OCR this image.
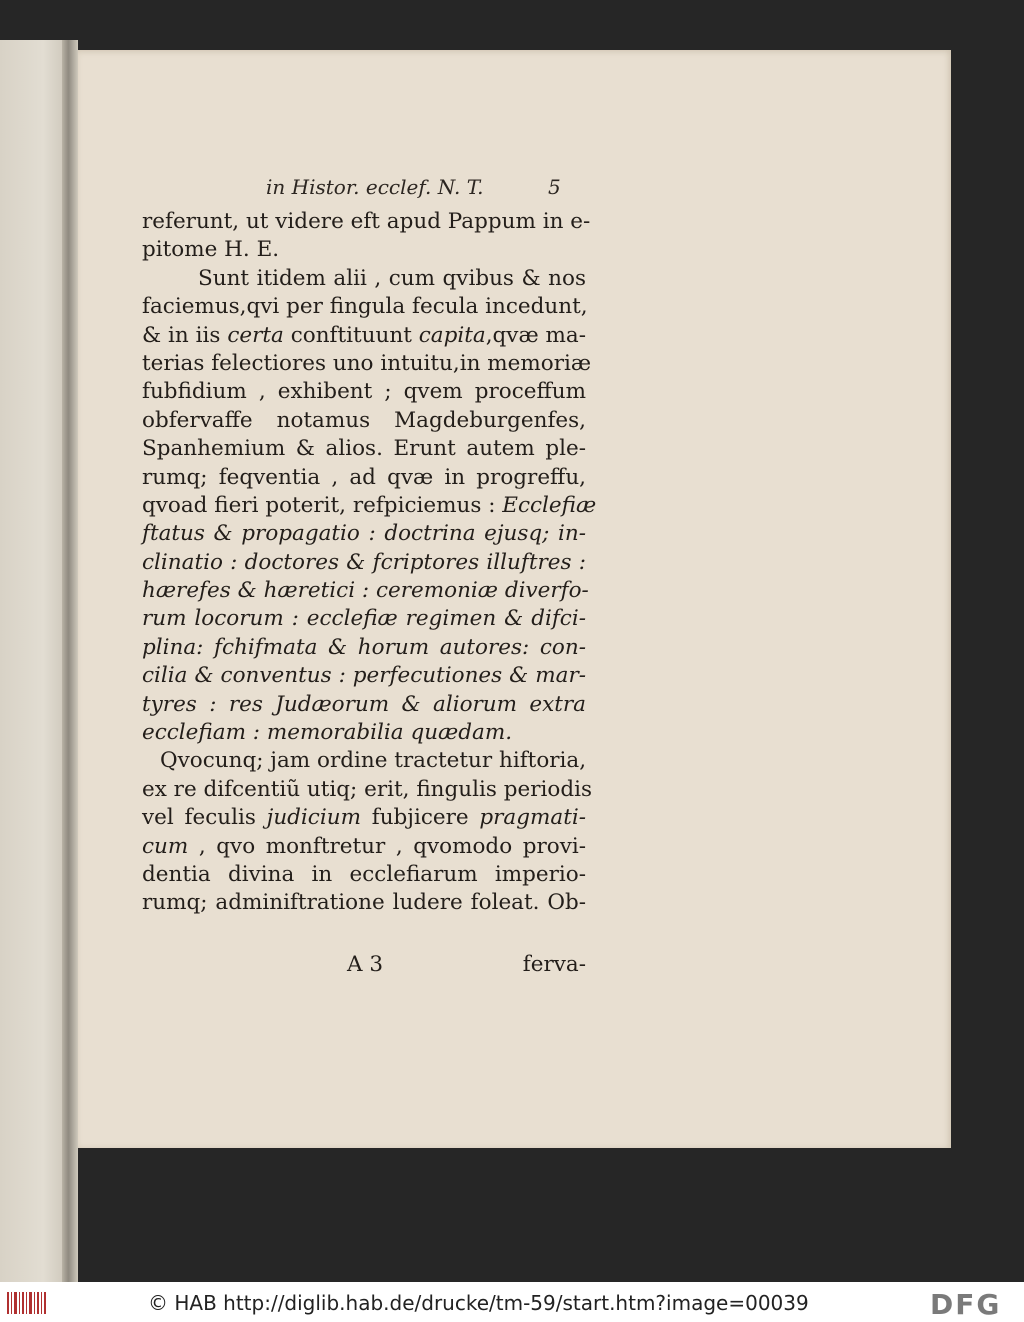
in Histor. ecclef. N. T.	5
referunt, ut videre eft apud Pappum in e-
pitome H. E.
Sunt itidem alii , cum qvibus & nos
faciemus,qvi per fingula fecula incedunt,
& in iis certa conftituunt capita,qvæ ma-
terias felectiores uno intuitu,in memoriæ
fubfidium , exhibent ; qvem proceffum
obfervaffe notamus Magdeburgenfes,
Spanhemium & alios. Erunt autem ple-
rumq; feqventia , ad qvæ in progreffu,
qvoad fieri poterit, refpiciemus : Ecclefiæ
ftatus & propagatio : doctrina ejusq; in-
clinatio : doctores & fcriptores illuftres :
hærefes & hæretici : ceremoniæ diverfo-
rum locorum : ecclefiæ regimen & difci-
plina: fchifmata & horum autores: con-
cilia & conventus : perfecutiones & mar-
tyres : res Judæorum & aliorum extra
ecclefiam : memorabilia quædam.
Qvocunq; jam ordine tractetur hiftoria,
ex re difcentiũ utiq; erit, fingulis periodis
vel feculis judicium fubjicere pragmati-
cum , qvo monftretur , qvomodo provi-
dentia divina in ecclefiarum imperio-
rumq; adminiftratione ludere foleat. Ob-
A 3	ferva-
© HAB http://diglib.hab.de/drucke/tm-59/start.htm?image=00039	DFG
